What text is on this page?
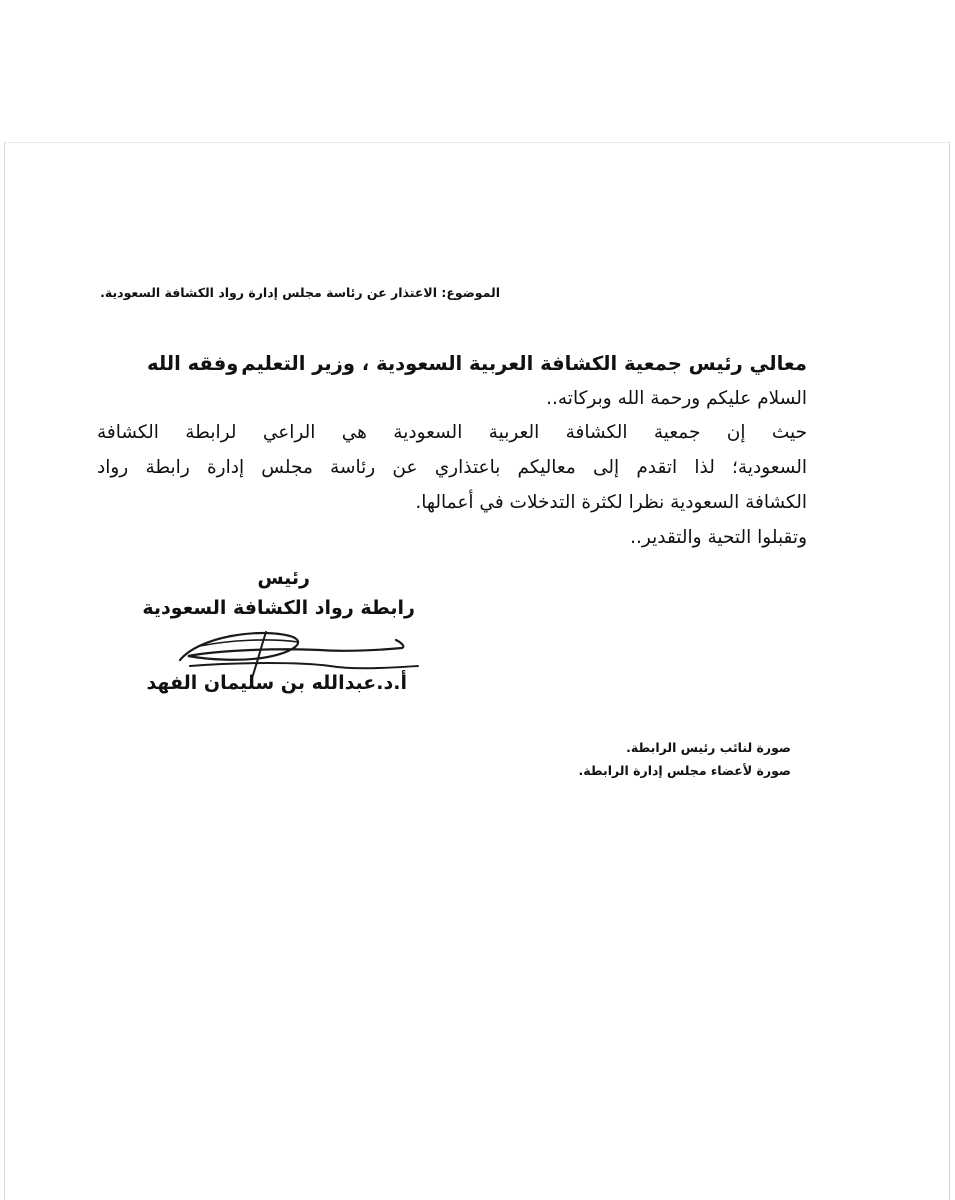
الموضوع: الاعتذار عن رئاسة مجلس إدارة رواد الكشافة السعودية.
معالي رئيس جمعية الكشافة العربية السعودية ، وزير التعليم
وفقه الله
السلام عليكم ورحمة الله وبركاته..
حيث إن جمعية الكشافة العربية السعودية هي الراعي لرابطة الكشافة
السعودية؛ لذا اتقدم إلى معاليكم باعتذاري عن رئاسة مجلس إدارة رابطة رواد
الكشافة السعودية نظرا لكثرة التدخلات في أعمالها.
وتقبلوا التحية والتقدير..
رئيس
رابطة رواد الكشافة السعودية
أ.د.عبدالله بن سليمان الفهد
صورة لنائب رئيس الرابطة.
صورة لأعضاء مجلس إدارة الرابطة.
